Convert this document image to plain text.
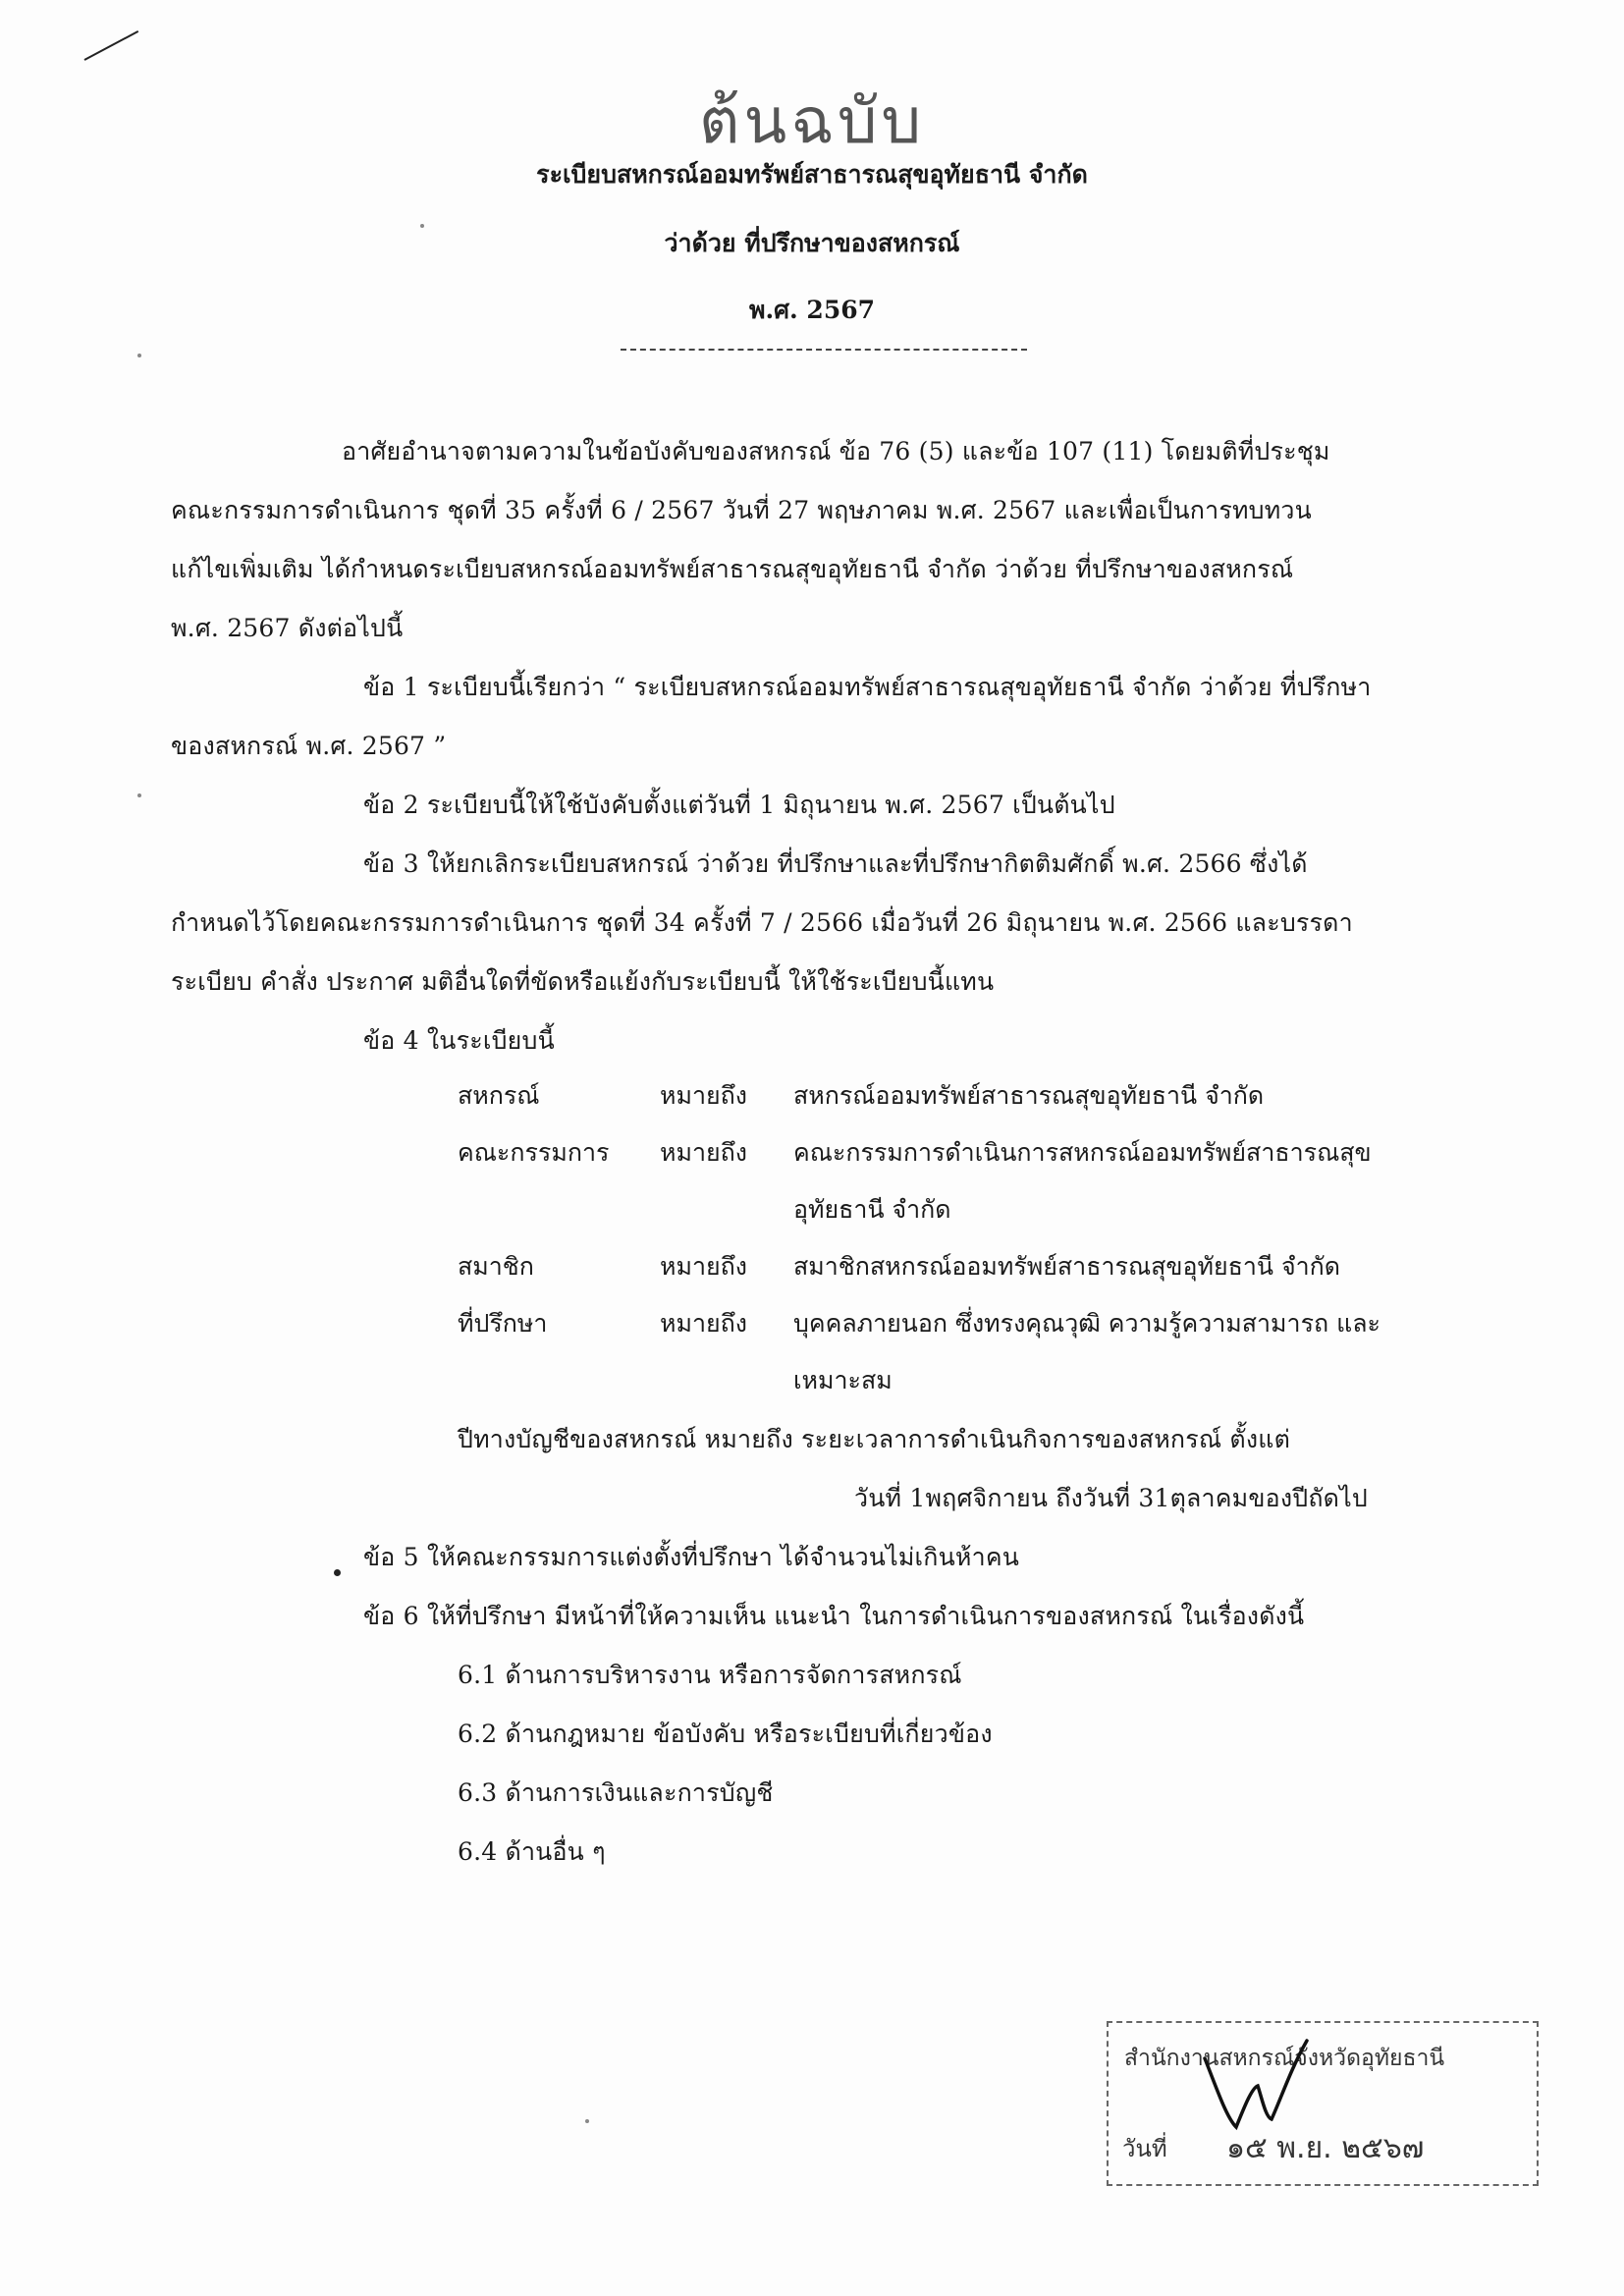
ต้นฉบับ
ระเบียบสหกรณ์ออมทรัพย์สาธารณสุขอุทัยธานี จำกัด
ว่าด้วย ที่ปรึกษาของสหกรณ์
พ.ศ. 2567
อาศัยอำนาจตามความในข้อบังคับของสหกรณ์ ข้อ 76 (5) และข้อ 107 (11) โดยมติที่ประชุม
คณะกรรมการดำเนินการ ชุดที่ 35 ครั้งที่ 6 / 2567 วันที่ 27 พฤษภาคม พ.ศ. 2567 และเพื่อเป็นการทบทวน
แก้ไขเพิ่มเติม ได้กำหนดระเบียบสหกรณ์ออมทรัพย์สาธารณสุขอุทัยธานี จำกัด ว่าด้วย ที่ปรึกษาของสหกรณ์
พ.ศ. 2567 ดังต่อไปนี้
ข้อ 1 ระเบียบนี้เรียกว่า “ ระเบียบสหกรณ์ออมทรัพย์สาธารณสุขอุทัยธานี จำกัด ว่าด้วย ที่ปรึกษา
ของสหกรณ์ พ.ศ. 2567 ”
ข้อ 2 ระเบียบนี้ให้ใช้บังคับตั้งแต่วันที่ 1 มิถุนายน พ.ศ. 2567 เป็นต้นไป
ข้อ 3 ให้ยกเลิกระเบียบสหกรณ์ ว่าด้วย ที่ปรึกษาและที่ปรึกษากิตติมศักดิ์ พ.ศ. 2566 ซึ่งได้
กำหนดไว้โดยคณะกรรมการดำเนินการ ชุดที่ 34 ครั้งที่ 7 / 2566 เมื่อวันที่ 26 มิถุนายน พ.ศ. 2566 และบรรดา
ระเบียบ คำสั่ง ประกาศ มติอื่นใดที่ขัดหรือแย้งกับระเบียบนี้ ให้ใช้ระเบียบนี้แทน
ข้อ 4 ในระเบียบนี้
สหกรณ์	หมายถึง สหกรณ์ออมทรัพย์สาธารณสุขอุทัยธานี จำกัด
คณะกรรมการ หมายถึง คณะกรรมการดำเนินการสหกรณ์ออมทรัพย์สาธารณสุข
อุทัยธานี จำกัด
สมาชิก	หมายถึง สมาชิกสหกรณ์ออมทรัพย์สาธารณสุขอุทัยธานี จำกัด
ที่ปรึกษา	หมายถึง บุคคลภายนอก ซึ่งทรงคุณวุฒิ ความรู้ความสามารถ และ
เหมาะสม
ปีทางบัญชีของสหกรณ์ หมายถึง ระยะเวลาการดำเนินกิจการของสหกรณ์ ตั้งแต่
วันที่ 1พฤศจิกายน ถึงวันที่ 31ตุลาคมของปีถัดไป
ข้อ 5 ให้คณะกรรมการแต่งตั้งที่ปรึกษา ได้จำนวนไม่เกินห้าคน
ข้อ 6 ให้ที่ปรึกษา มีหน้าที่ให้ความเห็น แนะนำ ในการดำเนินการของสหกรณ์ ในเรื่องดังนี้
6.1 ด้านการบริหารงาน หรือการจัดการสหกรณ์
6.2 ด้านกฎหมาย ข้อบังคับ หรือระเบียบที่เกี่ยวข้อง
6.3 ด้านการเงินและการบัญชี
6.4 ด้านอื่น ๆ
สำนักงานสหกรณ์จังหวัดอุทัยธานี
วันที่ ๑๕ พ.ย. ๒๕๖๗
